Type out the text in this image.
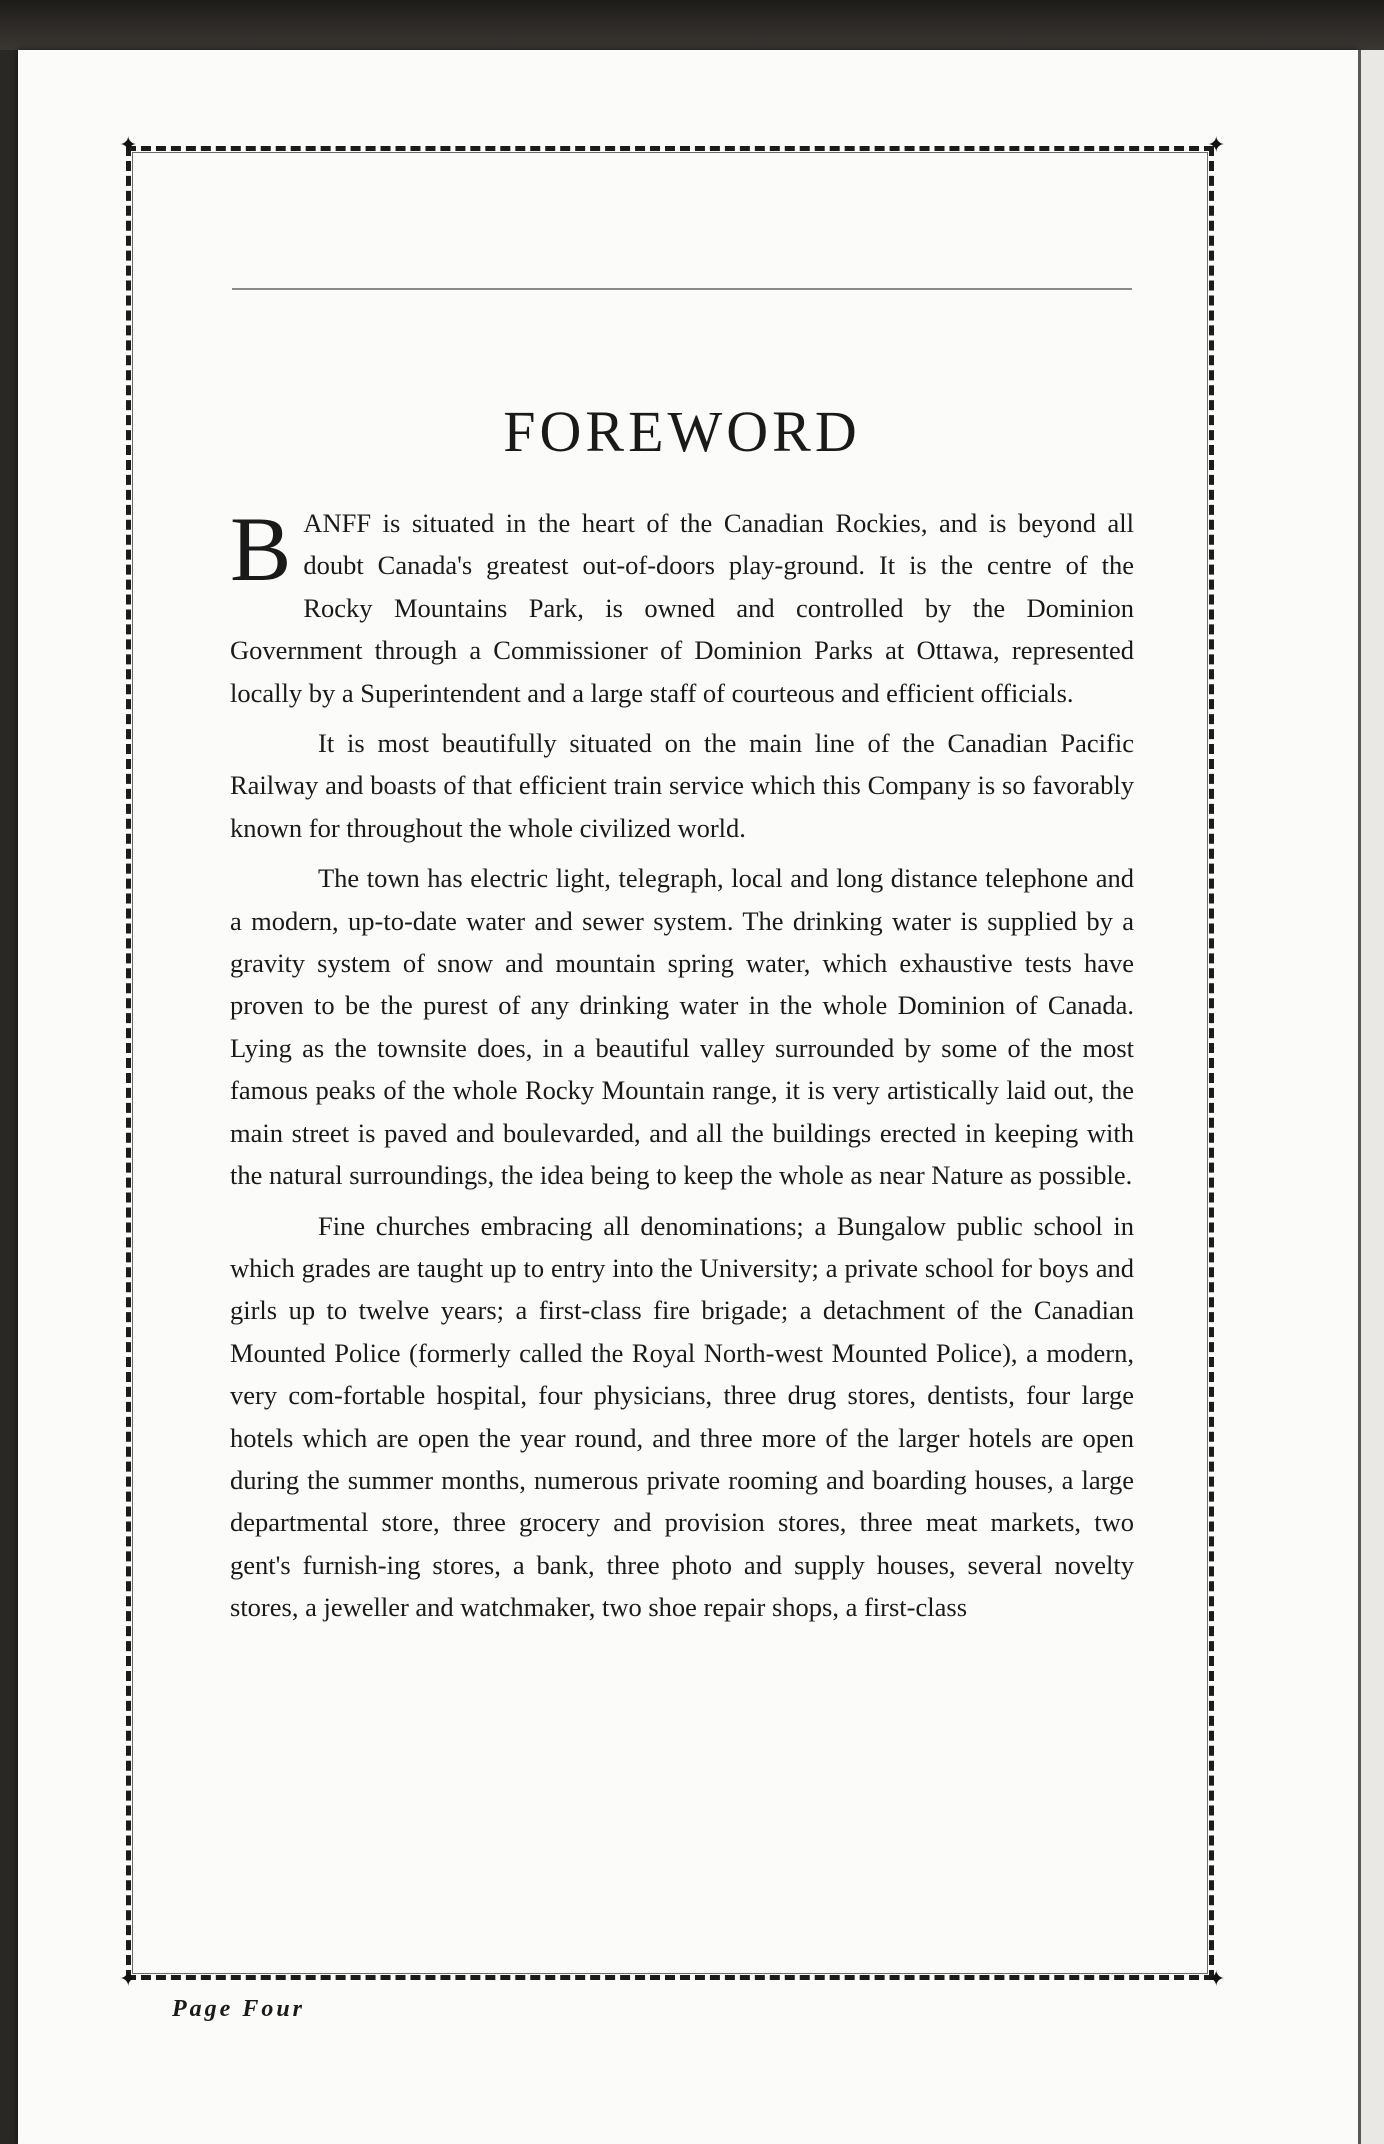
✦	✦
✦	✦
FOREWORD

BANFF is situated in the heart of the Canadian Rockies, and is beyond all doubt Canada's greatest out-of-doors play-ground. It is the centre of the Rocky Mountains Park, is owned and controlled by the Dominion Government through a Commissioner of Dominion Parks at Ottawa, represented locally by a Superintendent and a large staff of courteous and efficient officials.

It is most beautifully situated on the main line of the Canadian Pacific Railway and boasts of that efficient train service which this Company is so favorably known for throughout the whole civilized world.

The town has electric light, telegraph, local and long distance telephone and a modern, up-to-date water and sewer system. The drinking water is supplied by a gravity system of snow and mountain spring water, which exhaustive tests have proven to be the purest of any drinking water in the whole Dominion of Canada. Lying as the townsite does, in a beautiful valley surrounded by some of the most famous peaks of the whole Rocky Mountain range, it is very artistically laid out, the main street is paved and boulevarded, and all the buildings erected in keeping with the natural surroundings, the idea being to keep the whole as near Nature as possible.

Fine churches embracing all denominations; a Bungalow public school in which grades are taught up to entry into the University; a private school for boys and girls up to twelve years; a first-class fire brigade; a detachment of the Canadian Mounted Police (formerly called the Royal North-west Mounted Police), a modern, very com-fortable hospital, four physicians, three drug stores, dentists, four large hotels which are open the year round, and three more of the larger hotels are open during the summer months, numerous private rooming and boarding houses, a large departmental store, three grocery and provision stores, three meat markets, two gent's furnish-ing stores, a bank, three photo and supply houses, several novelty stores, a jeweller and watchmaker, two shoe repair shops, a first-class

Page Four
